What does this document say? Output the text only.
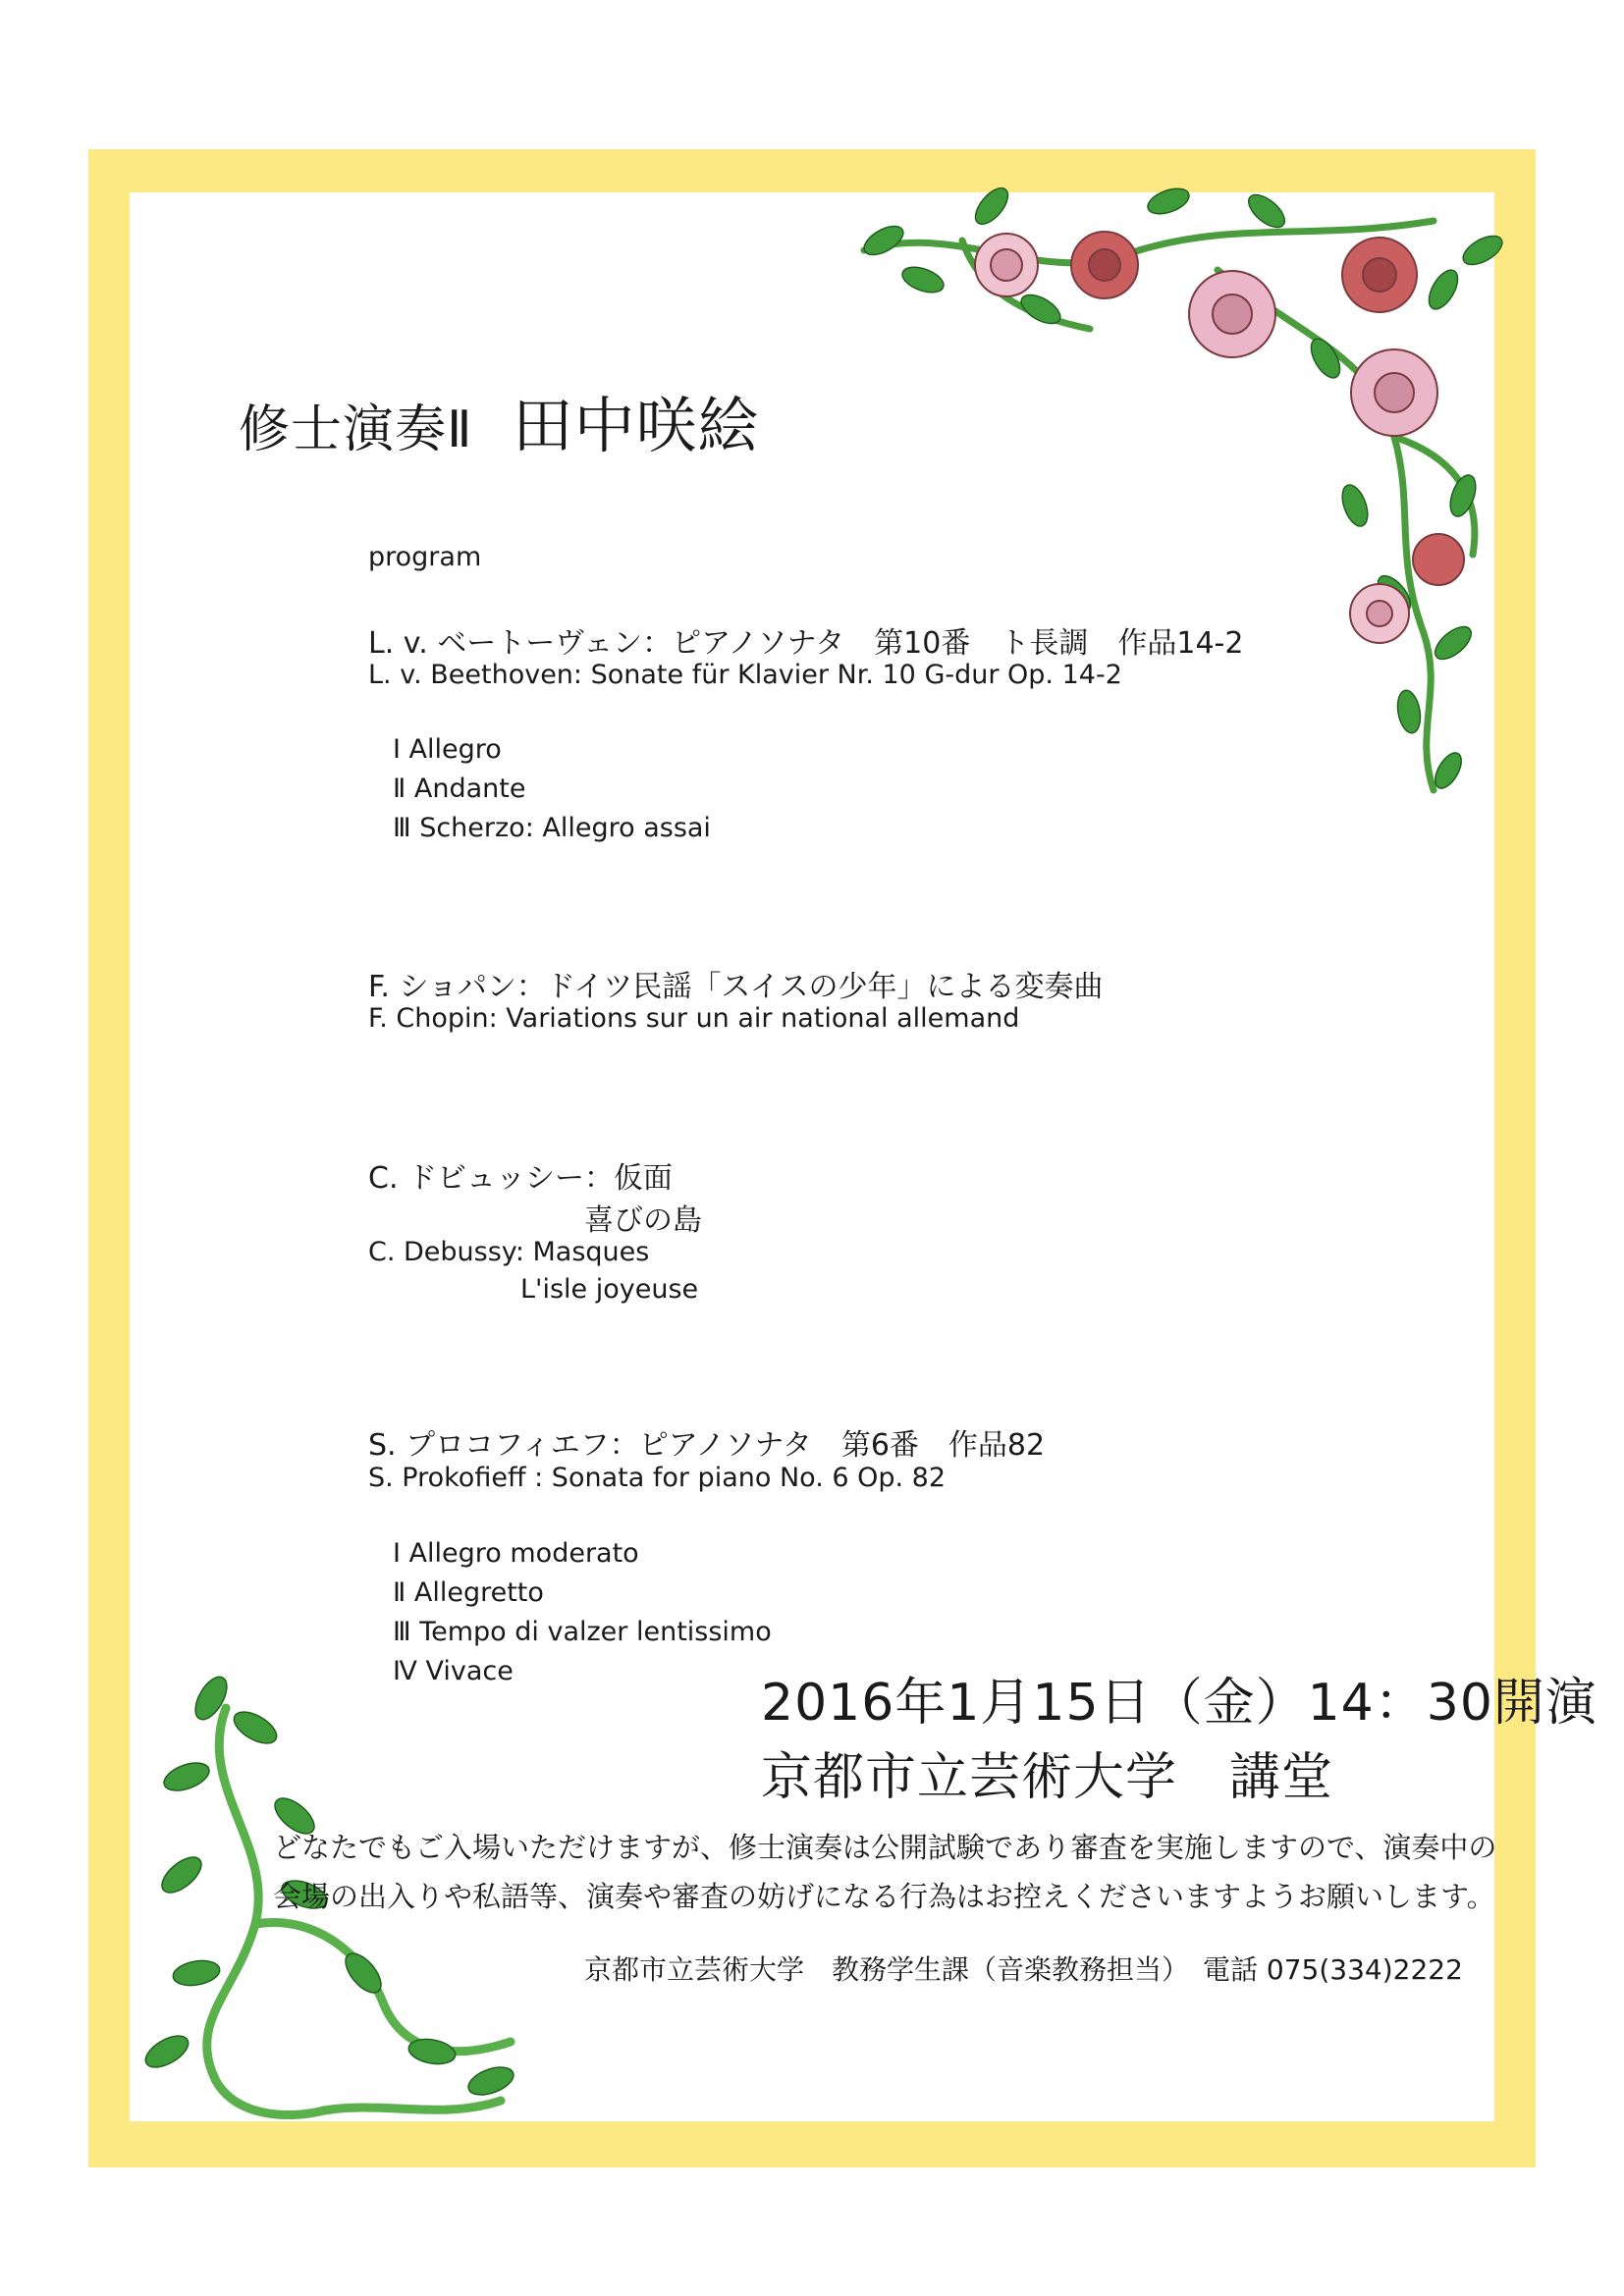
修士演奏Ⅱ 田中咲絵
program
L. v. ベートーヴェン：ピアノソナタ　第10番　ト長調　作品14-2
L. v. Beethoven: Sonate für Klavier Nr. 10 G-dur Op. 14-2
Ⅰ Allegro
Ⅱ Andante
Ⅲ Scherzo: Allegro assai
F. ショパン：ドイツ民謡「スイスの少年」による変奏曲
F. Chopin: Variations sur un air national allemand
C. ドビュッシー：仮面
喜びの島
C. Debussy: Masques
L'isle joyeuse
S. プロコフィエフ：ピアノソナタ　第6番　作品82
S. Prokofieff : Sonata for piano No. 6 Op. 82
Ⅰ Allegro moderato
Ⅱ Allegretto
Ⅲ Tempo di valzer lentissimo
Ⅳ Vivace
2016年1月15日（金）14：30開演
京都市立芸術大学　講堂
どなたでもご入場いただけますが、修士演奏は公開試験であり審査を実施しますので、演奏中の
会場の出入りや私語等、演奏や審査の妨げになる行為はお控えくださいますようお願いします。
京都市立芸術大学　教務学生課（音楽教務担当）　電話 075(334)2222
